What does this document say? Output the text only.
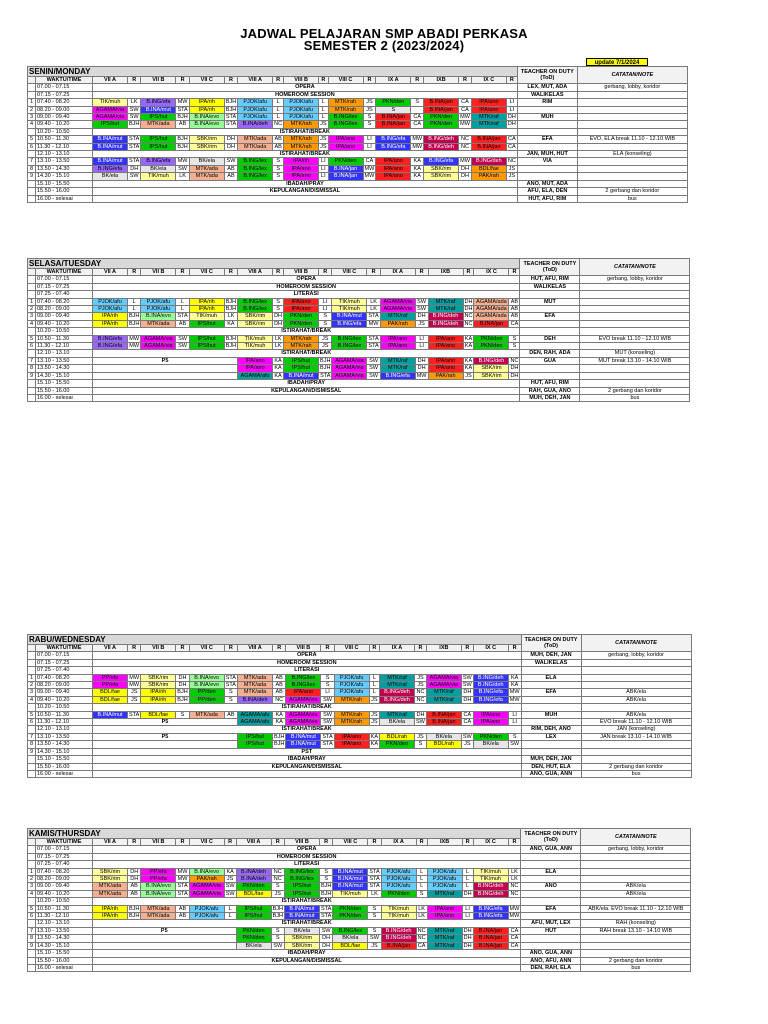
JADWAL PELAJARAN SMP ABADI PERKASA
SEMESTER 2 (2023/2024)
update 7/1/2024
SENIN/MONDAY																				TEACHER ON DUTY (ToD)	CATATAN/NOTE
	WAKTU/TIME	VII A	R	VII B	R	VII C	R	VIII A	R	VIII B	R	VIII C	R	IX A	R	IXB	R	IX C	R		
	07.00 - 07.15	OPERA																		LEX, MUT, ADA	gerbang, lobby, koridor
	07.15 - 07.25	HOMEROOM SESSION																		WALIKELAS	
1	07.40 - 08.20	TIK/muh	LK	B.ING/efa	MW	IPA/rih	BJH	PJOK/afu	L	PJOK/afu	L	MTK/rah	JS	PKN/den	S	B.INA/jan	CA	IPA/ano	LI	RIM	
2	08.20 - 09.00	AGAMA/via	SW	B.INA/mut	STA	IPA/rih	BJH	PJOK/afu	L	PJOK/afu	L	MTK/rah	JS	S		B.INA/jan	CA	IPA/ano	LI		
3	09.00 - 09.40	AGAMA/via	SW	IPS/hut	BJH	B.INA/evo	STA	PJOK/afu	L	PJOK/afu	L	B.ING/lex	S	B.INA/jan	CA	PKN/den	MW	MTK/raf	DH	MUH	
4	09.40 - 10.20	IPS/hut	BJH	MTK/ada	AB	B.INA/evo	STA	B.INA/deh	NC	MTK/rah	JS	B.ING/lex	S	B.INA/jan	CA	PKN/den	MW	MTK/raf	DH		
	10.20 - 10.50	ISTIRAHAT/BREAK																			
5	10.50 - 11.30	B.INA/mut	STA	IPS/hut	BJH	SBK/rim	DH	MTK/ada	AB	MTK/rah	JS	IPA/ano	LI	B.ING/efa	MW	B.ING/deh	NC	B.INA/jan	CA	EFA	EVO, ELA break 11.10 - 12.10 WIB
6	11.30 - 12.10	B.INA/mut	STA	IPS/hut	BJH	SBK/rim	DH	MTK/ada	AB	MTK/rah	JS	IPA/ano	LI	B.ING/efa	MW	B.ING/deh	NC	B.INA/jan	CA		
	12.10 - 13.10	ISTIRAHAT/BREAK																		JAN, MUH, HUT	ELA (konseling)
7	13.10 - 13.50	B.INA/mut	STA	B.ING/efa	MW	BK/ela	SW	B.ING/lex	S	IPA/rih	LI	PKN/den	CA	IPA/ano	KA	B.ING/efa	MW	B.ING/deh	NC	VIA	
8	13.50 - 14.30	B.ING/efa	DH	BK/ela	SW	MTK/ada	AB	B.ING/lex	S	IPA/ano	LI	B.INA/jan	MW	IPA/ano	KA	SBK/rim	DH	BDL/fae	JS		
9	14.30 - 15.10	BK/ela	SW	TIK/muh	LK	MTK/ada	AB	B.ING/lex	S	IPA/ano	LI	B.INA/jan	MW	IPA/ano	KA	SBK/rim	DH	PAK/rah	JS		
	15.10 - 15.50	IBADAH/PRAY																		ANO, MUT, ADA	
	15.50 - 16.00	KEPULANGAN/DISMISSAL																		AFU, ELA, DEN	2 gerbang dan koridor
	16.00 - selesai																			HUT, AFU, RIM	bus
SELASA/TUESDAY																				TEACHER ON DUTY (ToD)	CATATAN/NOTE
	WAKTU/TIME	VII A	R	VII B	R	VII C	R	VIII A	R	VIII B	R	VIII C	R	IX A	R	IXB	R	IX C	R		
	07.00 - 07.15	OPERA																		HUT, AFU, RIM	gerbang, lobby, koridor
	07.15 - 07.25	HOMEROOM SESSION																		WALIKELAS	
	07.25 - 07.40	LITERASI																			
1	07.40 - 08.20	PJOK/afu	L	PJOK/afu	L	IPA/rih	BJH	B.ING/lex	S	IPA/ano	LI	TIK/muh	LK	AGAMA/via	SW	MTK/raf	DH	AGAMA/ada	AB	MUT	
2	08.20 - 09.00	PJOK/afu	L	PJOK/afu	L	IPA/rih	BJH	B.ING/lex	S	IPA/ano	LI	TIK/muh	LK	AGAMA/via	SW	MTK/raf	DH	AGAMA/ada	AB		
3	09.00 - 09.40	IPA/rih	BJH	B.INA/evo	STA	TIK/muh	LK	SBK/rim	DH	PKN/den	S	B.INA/mut	STA	MTK/raf	DH	B.ING/deh	NC	AGAMA/ada	AB	EFA	
4	09.40 - 10.20	IPA/rih	BJH	MTK/ada	AB	IPS/hut	KA	SBK/rim	DH	PKN/den	S	B.ING/efa	MW	PAK/rah	JS	B.ING/deh	NC	B.INA/jan	CA		
	10.20 - 10.50	ISTIRAHAT/BREAK																			
5	10.50 - 11.30	B.ING/efa	MW	AGAMA/via	SW	IPS/hut	BJH	TIK/muh	LK	MTK/rah	JS	B.ING/lex	STA	IPA/ano	LI	IPA/ano	KA	PKN/den	S	DEH	EVO break 11.10 - 12.10 WIB
6	11.30 - 12.10	B.ING/efa	MW	AGAMA/via	SW	IPS/hut	BJH	TIK/muh	LK	MTK/rah	JS	B.ING/lex	STA	IPA/ano	LI	IPA/ano	KA	PKN/den	S		
	12.10 - 13.10	ISTIRAHAT/BREAK																		DEN, RAH, ADA	MUT (konseling)
7	13.10 - 13.50	P5						IPA/ano	KA	IPS/hut	BJH	AGAMA/via	SW	MTK/raf	DH	IPA/ano	KA	B.ING/deh	NC	GUA	MUT break 13.10 - 14.10 WIB
8	13.50 - 14.30							IPA/ano	KA	IPS/hut	BJH	AGAMA/via	SW	MTK/raf	DH	IPA/ano	KA	SBK/rim	DH		
9	14.30 - 15.10							AGAMA/afu	KA	B.INA/mut	STA	AGAMA/via	SW	B.ING/efa	MW	PAK/rah	JS	SBK/rim	DH		
	15.10 - 15.50	IBADAH/PRAY																		HUT, AFU, RIM	
	15.50 - 16.00	KEPULANGAN/DISMISSAL																		RAH, GUA, ANO	2 gerbang dan koridor
	16.00 - selesai																			MUH, DEH, JAN	bus
RABU/WEDNESDAY																				TEACHER ON DUTY (ToD)	CATATAN/NOTE
	WAKTU/TIME	VII A	R	VII B	R	VII C	R	VIII A	R	VIII B	R	VIII C	R	IX A	R	IXB	R	IX C	R		
	07.00 - 07.15	OPERA																		MUH, DEH, JAN	gerbang, lobby, koridor
	07.15 - 07.25	HOMEROOM SESSION																		WALIKELAS	
	07.25 - 07.40	LITERASI																			
1	07.40 - 08.20	PP/efa	MW	SBK/rim	DH	B.INA/evo	STA	MTK/ada	AB	B.ING/lex	S	PJOK/afu	L	MTK/raf	JS	AGAMA/via	SW	B.ING/deh	KA	ELA	
2	08.20 - 09.00	PP/efa	MW	SBK/rim	DH	B.INA/evo	STA	MTK/ada	AB	B.ING/lex	S	PJOK/afu	L	MTK/raf	JS	AGAMA/via	SW	B.ING/deh	KA		
3	09.00 - 09.40	BDL/fae	JS	IPA/rih	BJH	PP/den	S	MTK/ada	AB	IPA/ano	LI	PJOK/afu	L	B.ING/deh	NC	MTK/raf	DH	B.ING/efa	MW	EFA	ABK/ela
4	09.40 - 10.20	BDL/fae	JS	IPA/rih	BJH	PP/den	S	B.INA/deh	NC	AGAMA/via	SW	MTK/rah	JS	B.ING/deh	NC	MTK/raf	DH	B.ING/efa	MW		ABK/ela
	10.20 - 10.50	ISTIRAHAT/BREAK																			
5	10.50 - 11.30	B.INA/mut	STA	BDL/fae	S	MTK/ada	AB	AGAMA/afu	KA	AGAMA/via	SW	MTK/rah	JS	MTK/raf	DH	B.INA/jan	CA	IPA/ano	LI	MUH	ABK/ela
6	11.30 - 12.10	P5						AGAMA/afu	KA	AGAMA/via	SW	MTK/rah	JS	BK/ela	SW	B.INA/jan	CA	IPA/ano	LI		EVO break 11.10 - 12.10 WIB
	12.10 - 13.10	ISTIRAHAT/BREAK																		RIM, DEH, ANO	JAN (konseling)
7	13.10 - 13.50	P5						IPS/hut	BJH	B.INA/mut	STA	IPA/ano	KA	BDL/rah	JS	BK/ela	SW	PKN/den	S	LEX	JAN break 13.10 - 14.10 WIB
8	13.50 - 14.30							IPS/hut	BJH	B.INA/mut	STA	IPA/ano	KA	PKN/den	S	BDL/rah	JS	BK/ela	SW		
9	14.30 - 15.10	PST																			
	15.10 - 15.50	IBADAH/PRAY																		MUH, DEH, JAN	
	15.50 - 16.00	KEPULANGAN/DISMISSAL																		DEN, HUT, ELA	2 gerbang dan koridor
	16.00 - selesai																			ANO, GUA, ANN	bus
KAMIS/THURSDAY																				TEACHER ON DUTY (ToD)	CATATAN/NOTE
	WAKTU/TIME	VII A	R	VII B	R	VII C	R	VIII A	R	VIII B	R	VIII C	R	IX A	R	IXB	R	IX C	R		
	07.00 - 07.15	OPERA																		ANO, GUA, ANN	gerbang, lobby, koridor
	07.15 - 07.25	HOMEROOM SESSION																			
	07.25 - 07.40	LITERASI																			
1	07.40 - 08.20	SBK/rim	DH	PP/efa	MW	B.INA/evo	KA	B.INA/deh	NC	B.ING/lex	S	B.INA/mut	STA	PJOK/afu	L	PJOK/afu	L	TIK/muh	LK	ELA	
2	08.20 - 09.00	SBK/rim	DH	PP/efa	MW	PAK/rah	JS	B.INA/deh	NC	B.ING/lex	S	B.INA/mut	STA	PJOK/afu	L	PJOK/afu	L	TIK/muh	LK		
3	09.00 - 09.40	MTK/ada	AB	B.INA/evo	STA	AGAMA/via	SW	PKN/den	S	IPS/hut	BJH	B.INA/mut	STA	PJOK/afu	L	PJOK/afu	L	B.ING/deh	NC	ANO	ABK/ela
4	09.40 - 10.20	MTK/ada	AB	B.INA/evo	STA	AGAMA/via	SW	BDL/fae	JS	IPS/hut	BJH	TIK/muh	LK	PKN/den	S	MTK/raf	DH	B.ING/deh	NC		ABK/ela
	10.20 - 10.50	ISTIRAHAT/BREAK																			
5	10.50 - 11.30	IPA/rih	BJH	MTK/ada	AB	PJOK/afu	L	IPS/hut	BJH	B.INA/mut	STA	PKN/den	S	TIK/muh	LK	IPA/ano	LI	B.ING/efa	MW	EFA	ABK/ela. EVO break 11.10 - 12.10 WIB
6	11.30 - 12.10	IPA/rih	BJH	MTK/ada	AB	PJOK/afu	L	IPS/hut	BJH	B.INA/mut	STA	PKN/den	S	TIK/muh	LK	IPA/ano	LI	B.ING/efa	MW		
	12.10 - 13.10	ISTIRAHAT/BREAK																		AFU, MUT, LEX	RAH (konseling)
7	13.10 - 13.50	P5						PKN/den	S	BK/ela	SW	B.ING/lex	S	B.ING/deh	NC	MTK/raf	DH	B.INA/jan	CA	HUT	RAH break 13.10 - 14.10 WIB
8	13.50 - 14.30							PKN/den	S	SBK/rim	DH	BK/ela	SW	B.ING/deh	NC	MTK/raf	DH	B.INA/jan	CA		
9	14.30 - 15.10							BK/ela	SW	SBK/rim	DH	BDL/fae	JS	B.INA/jan	CA	MTK/raf	DH	B.INA/jan	CA		
	15.10 - 15.50	IBADAH/PRAY																		ANO, GUA, ANN	
	15.50 - 16.00	KEPULANGAN/DISMISSAL																		ANO, AFU, ANN	2 gerbang dan koridor
	16.00 - selesai																			DEN, RAH, ELA	bus
